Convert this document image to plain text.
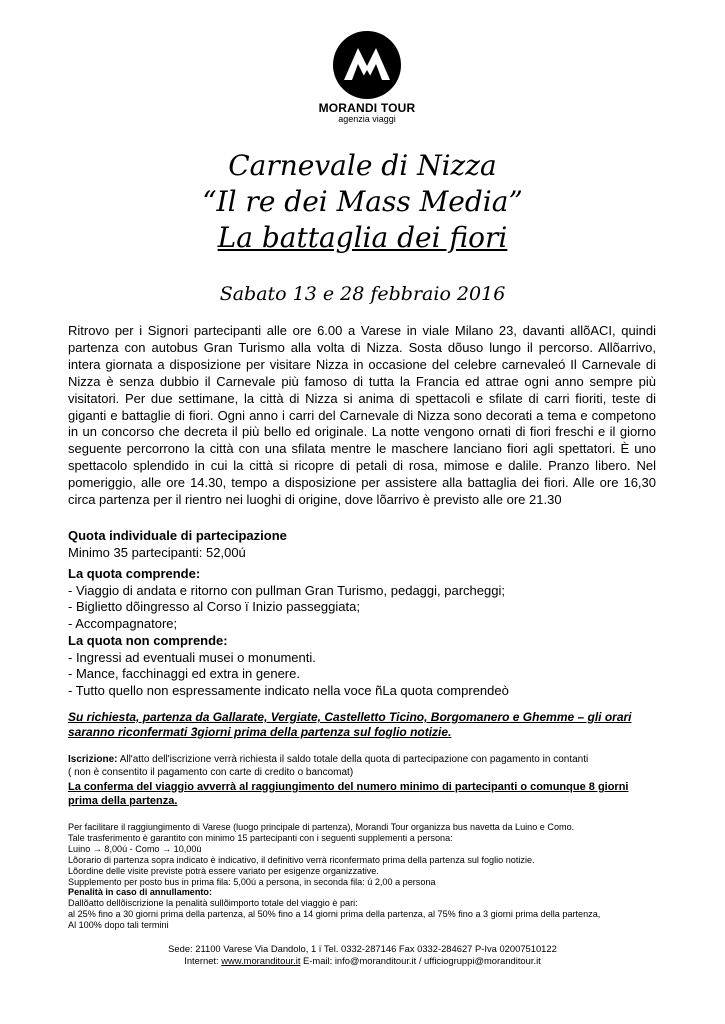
MORANDI TOUR
agenzia viaggi
Carnevale di Nizza
“Il re dei Mass Media”
La battaglia dei fiori
Sabato 13 e 28 febbraio 2016
Ritrovo per i Signori partecipanti alle ore 6.00 a Varese in viale Milano 23, davanti allõACI, quindi partenza con autobus Gran Turismo alla volta di Nizza. Sosta dõuso lungo il percorso. Allõarrivo, intera giornata a disposizione per visitare Nizza in occasione del celebre carnevaleó Il Carnevale di Nizza è senza dubbio il Carnevale più famoso di tutta la Francia ed attrae ogni anno sempre più visitatori. Per due settimane, la città di Nizza si anima di spettacoli e sfilate di carri fioriti, teste di giganti e battaglie di fiori. Ogni anno i carri del Carnevale di Nizza sono decorati a tema e competono in un concorso che decreta il più bello ed originale. La notte vengono ornati di fiori freschi e il giorno seguente percorrono la città con una sfilata mentre le maschere lanciano fiori agli spettatori. È uno spettacolo splendido in cui la città si ricopre di petali di rosa, mimose e dalile. Pranzo libero. Nel pomeriggio, alle ore 14.30, tempo a disposizione per assistere alla battaglia dei fiori. Alle ore 16,30 circa partenza per il rientro nei luoghi di origine, dove lõarrivo è previsto alle ore 21.30

Quota individuale di partecipazione

Minimo 35 partecipanti: 52,00ú

La quota comprende:

- Viaggio di andata e ritorno con pullman Gran Turismo, pedaggi, parcheggi;

- Biglietto dõingresso al Corso ï Inizio passeggiata;

- Accompagnatore;

La quota non comprende:

- Ingressi ad eventuali musei o monumenti.

- Mance, facchinaggi ed extra in genere.

- Tutto quello non espressamente indicato nella voce ñLa quota comprendeò

Su richiesta, partenza da Gallarate, Vergiate, Castelletto Ticino, Borgomanero e Ghemme – gli orari saranno riconfermati 3giorni prima della partenza sul foglio notizie.

Iscrizione: All'atto dell'iscrizione verrà richiesta il saldo totale della quota di partecipazione con pagamento in contanti

( non è consentito il pagamento con carte di credito o bancomat)

La conferma del viaggio avverrà al raggiungimento del numero minimo di partecipanti o comunque 8 giorni prima della partenza.

Per facilitare il raggiungimento di Varese (luogo principale di partenza), Morandi Tour organizza bus navetta da Luino e Como.

Tale trasferimento è garantito con minimo 15 partecipanti con i seguenti supplementi a persona:

Luino → 8,00ú - Como → 10,00ú

Lõorario di partenza sopra indicato è indicativo, il definitivo verrà riconfermato prima della partenza sul foglio notizie.

Lõordine delle visite previste potrà essere variato per esigenze organizzative.

Supplemento per posto bus in prima fila: 5,00ú a persona, in seconda fila: ú 2,00 a persona

Penalità in caso di annullamento:

Dallõatto dellõiscrizione la penalità sullõimporto totale del viaggio è pari:

al 25% fino a 30 giorni prima della partenza, al 50% fino a 14 giorni prima della partenza, al 75% fino a 3 giorni prima della partenza,

Al 100% dopo tali termini

Sede: 21100 Varese Via Dandolo, 1 ï Tel. 0332-287146 Fax 0332-284627 P-Iva 02007510122

Internet: www.moranditour.it E-mail: info@moranditour.it / ufficiogruppi@moranditour.it
